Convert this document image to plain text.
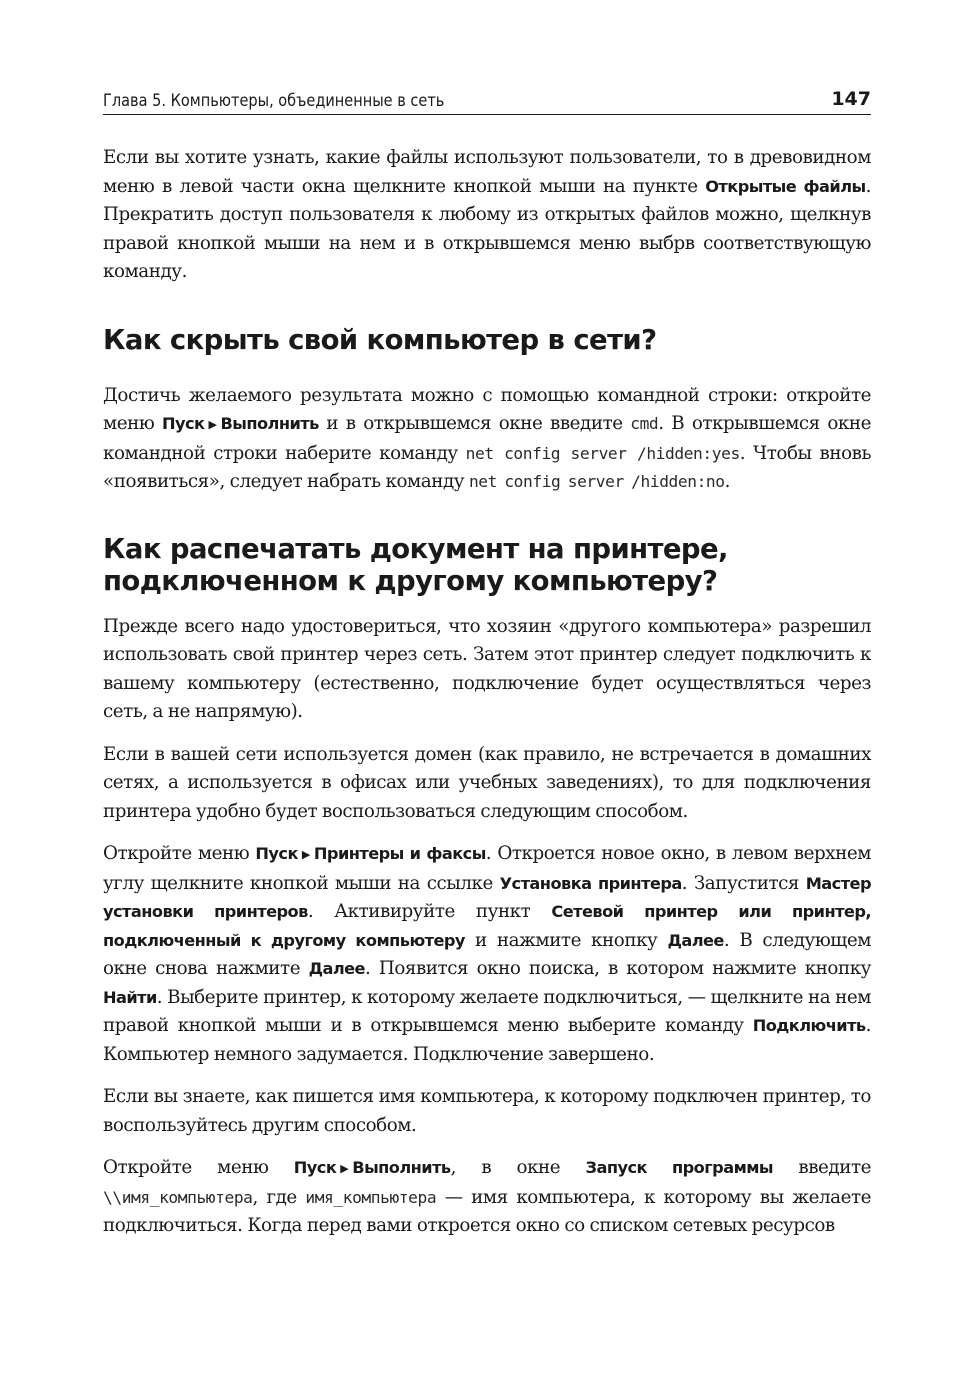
Глава 5. Компьютеры, объединенные в сеть	147

Если вы хотите узнать, какие файлы используют пользователи, то в древовидном меню в левой части окна щелкните кнопкой мыши на пункте Открытые файлы. Прекратить доступ пользователя к любому из открытых файлов можно, щелкнув правой кнопкой мыши на нем и в открывшемся меню выбрв соответствующую команду.

Как скрыть свой компьютер в сети?

Достичь желаемого результата можно с помощью командной строки: откройте меню Пуск ▶ Выполнить и в открывшемся окне введите cmd. В открывшемся окне командной строки наберите команду net config server /hidden:yes. Чтобы вновь «появиться», следует набрать команду net config server /hidden:no.

Как распечатать документ на принтере, подключенном к другому компьютеру?

Прежде всего надо удостовериться, что хозяин «другого компьютера» разрешил использовать свой принтер через сеть. Затем этот принтер следует подключить к вашему компьютеру (естественно, подключение будет осуществляться через сеть, а не напрямую).

Если в вашей сети используется домен (как правило, не встречается в домашних сетях, а используется в офисах или учебных заведениях), то для подключения принтера удобно будет воспользоваться следующим способом.

Откройте меню Пуск ▶ Принтеры и факсы. Откроется новое окно, в левом верхнем углу щелкните кнопкой мыши на ссылке Установка принтера. Запустится Мастер установки принтеров. Активируйте пункт Сетевой принтер или принтер, подключенный к другому компьютеру и нажмите кнопку Далее. В следующем окне снова нажмите Далее. Появится окно поиска, в котором нажмите кнопку Найти. Выберите принтер, к которому желаете подключиться, — щелкните на нем правой кнопкой мыши и в открывшемся меню выберите команду Подключить. Компьютер немного задумается. Подключение завершено.

Если вы знаете, как пишется имя компьютера, к которому подключен принтер, то воспользуйтесь другим способом.

Откройте меню Пуск ▶ Выполнить, в окне Запуск программы введите \\имя_компьютера, где имя_компьютера — имя компьютера, к которому вы желаете подключиться. Когда перед вами откроется окно со списком сетевых ресурсов
